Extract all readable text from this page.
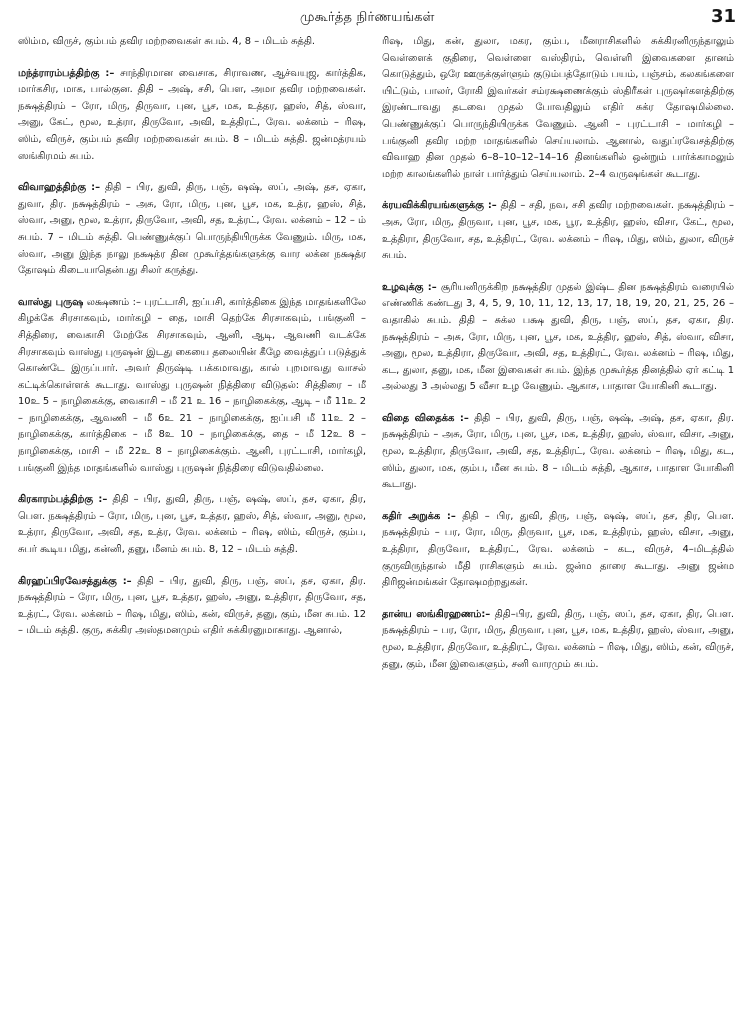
முகூர்த்த நிர்ணயங்கள்	31

ஸிம்ம, விருச், கும்பம் தவிர மற்றவைகள் சுபம். 4, 8 – மிடம் சுத்தி.

மந்த்ராரம்பத்திற்கு :– சாந்திரமான வைசாக, சிராவண, ஆச்வயுஜ, கார்த்திக, மார்கசிர, மாக, பால்குன. திதி – அஷ், சசி, பௌ, அமா தவிர மற்றவைகள். நக்ஷத்திரம் – ரோ, மிரு, திருவா, புன, பூச, மக, உத்தர, ஹஸ், சித், ஸ்வா, அனு, கேட், மூல, உத்ரா, திருவோ, அவி, உத்திரட், ரேவ. லக்னம் – ரிஷ, ஸிம், விருச், கும்பம் தவிர மற்றவைகள் சுபம். 8 – மிடம் சுத்தி. ஜன்மத்ரயம் ஸங்கிரமம் சுபம்.

விவாஹத்திற்கு :– திதி – பிர, துவி, திரு, பஞ், ஷஷ், ஸப், அஷ், தச, ஏகா, துவா, திர. நக்ஷத்திரம் – அசு, ரோ, மிரு, புன, பூச, மக, உத்ர, ஹஸ், சித், ஸ்வா, அனு, மூல, உத்ரா, திருவோ, அவி, சத, உத்ரட், ரேவ. லக்னம் – 12 – ம் சுபம். 7 – மிடம் சுத்தி. பெண்ணுக்குப் பொருந்தியிருக்க வேணும். மிரு, மக, ஸ்வா, அனு இந்த நாலு நக்ஷத்ர தின முகூர்த்தங்களுக்கு வார லக்ன நக்ஷத்ர தோஷம் கிடையாதென்பது சிலர் கருத்து.

வாஸ்து புருஷ லக்ஷணம் :– புரட்டாசி, ஐப்பசி, கார்த்திகை இந்த மாதங்களிலே கிழக்கே சிரசாகவும், மார்கழி – தை, மாசி தெற்கே சிரசாகவும், பங்குனி – சித்திரை, வைகாசி மேற்கே சிரசாகவும், ஆனி, ஆடி, ஆவணி வடக்கே சிரசாகவும் வாஸ்து புருஷன் இடது கையை தலையின் கீழே வைத்துப் படுத்துக் கொண்டே இருப்பார். அவர் திருஷ்டி பக்கமாவது, கால் புறமாவது வாசல் கட்டிக்கொள்ளக் கூடாது. வாஸ்து புருஷன் நித்திரை விடுதல்: சித்திரை – மீ 10உ 5 – நாழிகைக்கு, வைகாசி – மீ 21 உ 16 – நாழிகைக்கு, ஆடி – மீ 11உ 2 – நாழிகைக்கு, ஆவணி – மீ 6உ 21 – நாழிகைக்கு, ஐப்பசி மீ 11உ 2 – நாழிகைக்கு, கார்த்திகை – மீ 8உ 10 – நாழிகைக்கு, தை – மீ 12உ 8 – நாழிகைக்கு, மாசி – மீ 22உ 8 – நாழிகைக்கும். ஆனி, புரட்டாசி, மார்கழி, பங்குனி இந்த மாதங்களில் வாஸ்து புருஷன் நித்திரை விடுவதில்லை.

கிரகாரம்பத்திற்கு :– திதி – பிர, துவி, திரு, பஞ், ஷஷ், ஸப், தச, ஏகா, திர, பௌ. நக்ஷத்திரம் – ரோ, மிரு, புன, பூச, உத்தர, ஹஸ், சித், ஸ்வா, அனு, மூல, உத்ரா, திருவோ, அவி, சத, உத்ர, ரேவ. லக்னம் – ரிஷ, ஸிம், விருச், கும்ப, சுபர் கூடிய மிது, கன்னி, தனு, மீனம் சுபம். 8, 12 – மிடம் சுத்தி.

கிரஹப்பிரவேசத்துக்கு :– திதி – பிர, துவி, திரு, பஞ், ஸப், தச, ஏகா, திர. நக்ஷத்திரம் – ரோ, மிரு, புன, பூச, உத்தர, ஹஸ், அனு, உத்திரா, திருவோ, சத, உத்ரட், ரேவ. லக்னம் – ரிஷ, மிது, ஸிம், கன், விருச், தனு, கும், மீன சுபம். 12 – மிடம் சுத்தி. குரு, சுக்கிர அஸ்தமனமும் எதிர் சுக்கிரனுமாகாது. ஆனால்,

ரிஷ, மிது, கன், துலா, மகர, கும்ப, மீனராசிகளில் சுக்கிரனிருந்தாலும் வெள்ளைக் குதிரை, வெள்ளை வஸ்திரம், வெள்ளி இவைகளை தானம் கொடுத்தும், ஒரே ஊருக்குள்ளும் குடும்பத்தோடும் பயம், பஞ்சம், கலகங்களை யிட்டும், பாலர், ரோகி இவர்கள் சம்ரக்ஷணைக்கும் ஸ்திரீகள் புருஷர்களத்திற்கு இரண்டாவது தடவை முதல் போவதிலும் எதிர் சுக்ர தோஷமில்லை. பெண்ணுக்குப் பொருந்தியிருக்க வேணும். ஆனி – புரட்டாசி – மார்கழி – பங்குனி தவிர மற்ற மாதங்களில் செய்யலாம். ஆனால், வதுப்ரவேசத்திற்கு விவாஹ தின முதல் 6–8–10–12–14–16 தினங்களில் ஒன்றும் பார்க்காமலும் மற்ற காலங்களில் நாள் பார்த்தும் செய்யலாம். 2–4 வருஷங்கள் கூடாது.

க்ரயவிக்கிரயங்களுக்கு :– திதி – சதி, நவ, சசி தவிர மற்றவைகள். நக்ஷத்திரம் – அசு, ரோ, மிரு, திருவா, புன, பூச, மக, பூர, உத்திர, ஹஸ், விசா, கேட், மூல, உத்திரா, திருவோ, சத, உத்திரட், ரேவ. லக்னம் – ரிஷ, மிது, ஸிம், துலா, விருச் சுபம்.

உழவுக்கு :– சூரியனிருக்கிற நக்ஷத்திர முதல் இஷ்ட தின நக்ஷத்திரம் வரையில் எண்ணிக் கண்டது 3, 4, 5, 9, 10, 11, 12, 13, 17, 18, 19, 20, 21, 25, 26 – வதாகில் சுபம். திதி – சுக்ல பக்ஷ துவி, திரு, பஞ், ஸப், தச, ஏகா, திர. நக்ஷத்திரம் – அசு, ரோ, மிரு, புன, பூச, மக, உத்திர, ஹஸ், சித், ஸ்வா, விசா, அனு, மூல, உத்திரா, திருவோ, அவி, சத, உத்திரட், ரேவ. லக்னம் – ரிஷ, மிது, கட, துலா, தனு, மக, மீன இவைகள் சுபம். இந்த முகூர்த்த தினத்தில் ஏர் கட்டி 1 அல்லது 3 அல்லது 5 வீசா உழ வேணும். ஆகாச, பாதாள யோகினி கூடாது.

விதை விதைக்க :– திதி – பிர, துவி, திரு, பஞ், ஷஷ், அஷ், தச, ஏகா, திர. நக்ஷத்திரம் – அசு, ரோ, மிரு, புன, பூச, மக, உத்திர, ஹஸ், ஸ்வா, விசா, அனு, மூல, உத்திரா, திருவோ, அவி, சத, உத்திரட், ரேவ. லக்னம் – ரிஷ, மிது, கட, ஸிம், துலா, மக, கும்ப, மீன சுபம். 8 – மிடம் சுத்தி, ஆகாச, பாதாள யோகினி கூடாது.

கதிர் அறுக்க :– திதி – பிர, துவி, திரு, பஞ், ஷஷ், ஸப், தச, திர, பௌ. நக்ஷத்திரம் – பர, ரோ, மிரு, திருவா, பூச, மக, உத்திரம், ஹஸ், விசா, அனு, உத்திரா, திருவோ, உத்திரட், ரேவ. லக்னம் – கட, விருச், 4–மிடத்தில் குருவிருந்தால் மீதி ராசிகளும் சுபம். ஜன்ம தாரை கூடாது. அனு ஜன்ம திரிஜன்மங்கள் தோஷமற்றதுகள்.

தான்ய ஸங்கிரஹணம்:– திதி–பிர, துவி, திரு, பஞ், ஸப், தச, ஏகா, திர, பௌ. நக்ஷத்திரம் – பர, ரோ, மிரு, திருவா, புன, பூச, மக, உத்திர, ஹஸ், ஸ்வா, அனு, மூல, உத்திரா, திருவோ, உத்திரட், ரேவ. லக்னம் – ரிஷ, மிது, ஸிம், கன், விருச், தனு, கும், மீன இவைகளும், சனி வாரமும் சுபம்.
